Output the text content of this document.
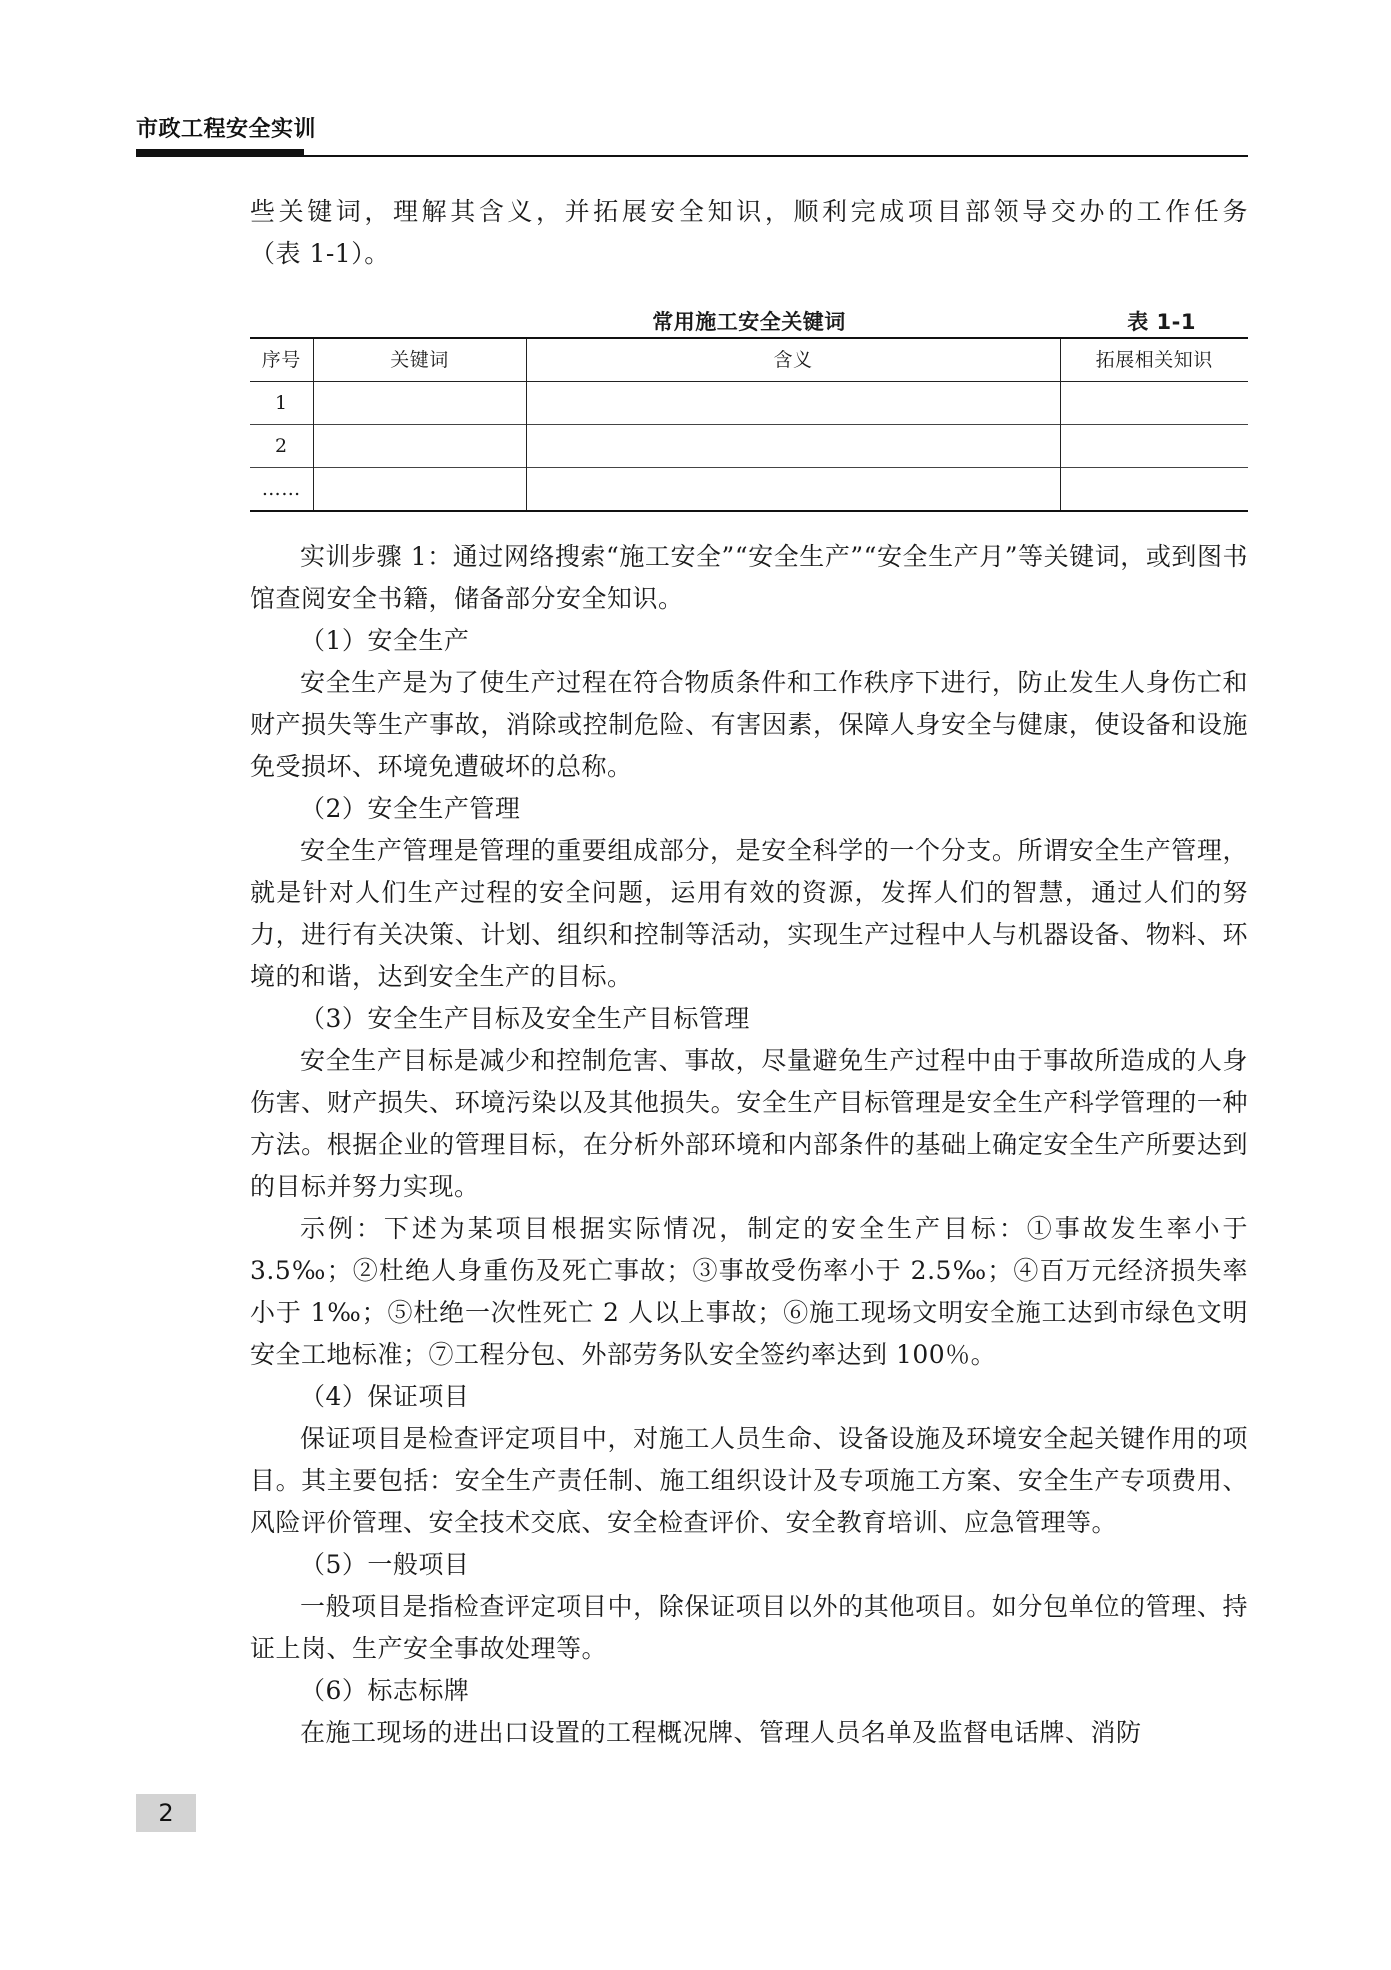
市政工程安全实训

些关键词，理解其含义，并拓展安全知识，顺利完成项目部领导交办的工作任务

（表 1-1）。

常用施工安全关键词	表 1-1
序号	关键词	含义	拓展相关知识
1			
2			
……			

实训步骤 1：通过网络搜索“施工安全”“安全生产”“安全生产月”等关键词，或到图书馆查阅安全书籍，储备部分安全知识。

（1）安全生产

安全生产是为了使生产过程在符合物质条件和工作秩序下进行，防止发生人身伤亡和财产损失等生产事故，消除或控制危险、有害因素，保障人身安全与健康，使设备和设施免受损坏、环境免遭破坏的总称。

（2）安全生产管理

安全生产管理是管理的重要组成部分，是安全科学的一个分支。所谓安全生产管理，就是针对人们生产过程的安全问题，运用有效的资源，发挥人们的智慧，通过人们的努力，进行有关决策、计划、组织和控制等活动，实现生产过程中人与机器设备、物料、环境的和谐，达到安全生产的目标。

（3）安全生产目标及安全生产目标管理

安全生产目标是减少和控制危害、事故，尽量避免生产过程中由于事故所造成的人身伤害、财产损失、环境污染以及其他损失。安全生产目标管理是安全生产科学管理的一种方法。根据企业的管理目标，在分析外部环境和内部条件的基础上确定安全生产所要达到的目标并努力实现。

示例：下述为某项目根据实际情况，制定的安全生产目标：①事故发生率小于 3.5‰；②杜绝人身重伤及死亡事故；③事故受伤率小于 2.5‰；④百万元经济损失率小于 1‰；⑤杜绝一次性死亡 2 人以上事故；⑥施工现场文明安全施工达到市绿色文明安全工地标准；⑦工程分包、外部劳务队安全签约率达到 100％。

（4）保证项目

保证项目是检查评定项目中，对施工人员生命、设备设施及环境安全起关键作用的项目。其主要包括：安全生产责任制、施工组织设计及专项施工方案、安全生产专项费用、风险评价管理、安全技术交底、安全检查评价、安全教育培训、应急管理等。

（5）一般项目

一般项目是指检查评定项目中，除保证项目以外的其他项目。如分包单位的管理、持证上岗、生产安全事故处理等。

（6）标志标牌

在施工现场的进出口设置的工程概况牌、管理人员名单及监督电话牌、消防

2
